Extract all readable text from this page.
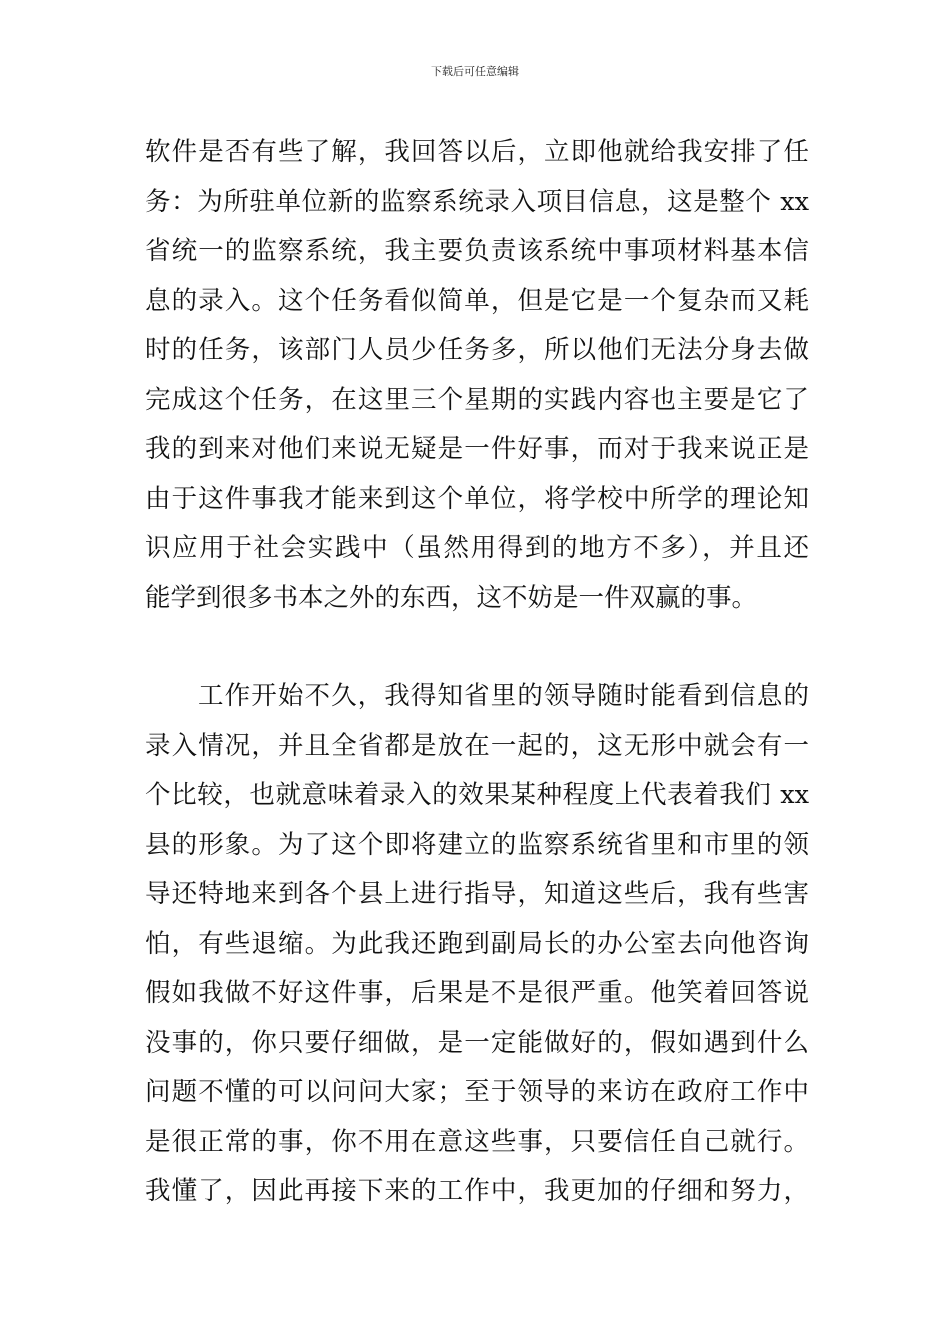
下载后可任意编辑
软件是否有些了解，我回答以后，立即他就给我安排了任
务：为所驻单位新的监察系统录入项目信息，这是整个 xx
省统一的监察系统，我主要负责该系统中事项材料基本信
息的录入。这个任务看似简单，但是它是一个复杂而又耗
时的任务，该部门人员少任务多，所以他们无法分身去做
完成这个任务，在这里三个星期的实践内容也主要是它了
我的到来对他们来说无疑是一件好事，而对于我来说正是
由于这件事我才能来到这个单位，将学校中所学的理论知
识应用于社会实践中（虽然用得到的地方不多），并且还
能学到很多书本之外的东西，这不妨是一件双赢的事。
工作开始不久，我得知省里的领导随时能看到信息的
录入情况，并且全省都是放在一起的，这无形中就会有一
个比较，也就意味着录入的效果某种程度上代表着我们 xx
县的形象。为了这个即将建立的监察系统省里和市里的领
导还特地来到各个县上进行指导，知道这些后，我有些害
怕，有些退缩。为此我还跑到副局长的办公室去向他咨询
假如我做不好这件事，后果是不是很严重。他笑着回答说
没事的，你只要仔细做，是一定能做好的，假如遇到什么
问题不懂的可以问问大家；至于领导的来访在政府工作中
是很正常的事，你不用在意这些事，只要信任自己就行。
我懂了，因此再接下来的工作中，我更加的仔细和努力，
